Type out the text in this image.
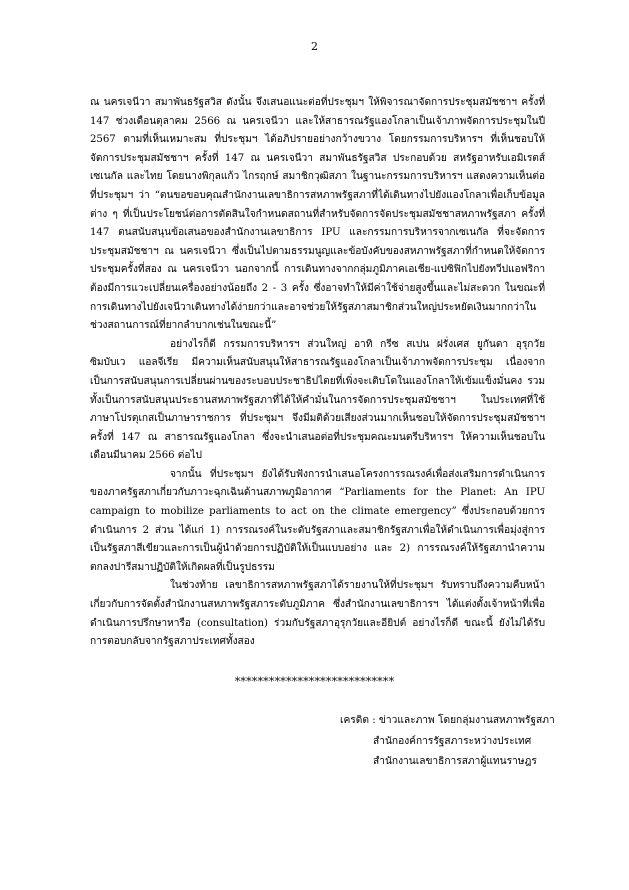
2

ณ นครเจนีวา สมาพันธรัฐสวิส ดังนั้น จึงเสนอแนะต่อที่ประชุมฯ ให้พิจารณาจัดการประชุมสมัชชาฯ ครั้งที่ 147 ช่วงเดือนตุลาคม 2566 ณ นครเจนีวา และให้สาธารณรัฐแองโกลาเป็นเจ้าภาพจัดการประชุมในปี 2567 ตามที่เห็นเหมาะสม ที่ประชุมฯ ได้อภิปรายอย่างกว้างขวาง โดยกรรมการบริหารฯ ที่เห็นชอบให้จัดการประชุมสมัชชาฯ ครั้งที่ 147 ณ นครเจนีวา สมาพันธรัฐสวิส ประกอบด้วย สหรัฐอาหรับเอมิเรตส์ เซเนกัล และไทย โดยนางพิกุลแก้ว ไกรฤกษ์ สมาชิกวุฒิสภา ในฐานะกรรมการบริหารฯ แสดงความเห็นต่อที่ประชุมฯ ว่า “ตนขอขอบคุณสำนักงานเลขาธิการสหภาพรัฐสภาที่ได้เดินทางไปยังแองโกลาเพื่อเก็บข้อมูลต่าง ๆ ที่เป็นประโยชน์ต่อการตัดสินใจกำหนดสถานที่สำหรับจัดการจัดประชุมสมัชชาสหภาพรัฐสภา ครั้งที่ 147 ตนสนับสนุนข้อเสนอของสำนักงานเลขาธิการ IPU และกรรมการบริหารจากเซเนกัล ที่จะจัดการประชุมสมัชชาฯ ณ นครเจนีวา ซึ่งเป็นไปตามธรรมนูญและข้อบังคับของสหภาพรัฐสภาที่กำหนดให้จัดการประชุมครั้งที่สอง ณ นครเจนีวา นอกจากนี้ การเดินทางจากกลุ่มภูมิภาคเอเชีย-แปซิฟิกไปยังทวีปแอฟริกาต้องมีการแวะเปลี่ยนเครื่องอย่างน้อยถึง 2 - 3 ครั้ง ซึ่งอาจทำให้มีค่าใช้จ่ายสูงขึ้นและไม่สะดวก ในขณะที่การเดินทางไปยังเจนีวาเดินทางได้ง่ายกว่าและอาจช่วยให้รัฐสภาสมาชิกส่วนใหญ่ประหยัดเงินมากกว่าในช่วงสถานการณ์ที่ยากลำบากเช่นในขณะนี้”

อย่างไรก็ดี กรรมการบริหารฯ ส่วนใหญ่ อาทิ กรีซ สเปน ฝรั่งเศส ยูกันดา อุรุกวัย ซิมบับเว แอลจีเรีย มีความเห็นสนับสนุนให้สาธารณรัฐแองโกลาเป็นเจ้าภาพจัดการประชุม เนื่องจากเป็นการสนับสนุนการเปลี่ยนผ่านของระบอบประชาธิปไตยที่เพิ่งจะเติบโตในแองโกลาให้เข้มแข็งมั่นคง รวมทั้งเป็นการสนับสนุนประธานสหภาพรัฐสภาที่ได้ให้คำมั่นในการจัดการประชุมสมัชชาฯ ในประเทศที่ใช้ภาษาโปรตุเกสเป็นภาษาราชการ ที่ประชุมฯ จึงมีมติด้วยเสียงส่วนมากเห็นชอบให้จัดการประชุมสมัชชาฯ ครั้งที่ 147 ณ สาธารณรัฐแองโกลา ซึ่งจะนำเสนอต่อที่ประชุมคณะมนตรีบริหารฯ ให้ความเห็นชอบในเดือนมีนาคม 2566 ต่อไป

จากนั้น ที่ประชุมฯ ยังได้รับฟังการนำเสนอโครงการรณรงค์เพื่อส่งเสริมการดำเนินการของภาครัฐสภาเกี่ยวกับภาวะฉุกเฉินด้านสภาพภูมิอากาศ “Parliaments for the Planet: An IPU campaign to mobilize parliaments to act on the climate emergency” ซึ่งประกอบด้วยการดำเนินการ 2 ส่วน ได้แก่ 1) การรณรงค์ในระดับรัฐสภาและสมาชิกรัฐสภาเพื่อให้ดำเนินการเพื่อมุ่งสู่การเป็นรัฐสภาสีเขียวและการเป็นผู้นำด้วยการปฏิบัติให้เป็นแบบอย่าง และ 2) การรณรงค์ให้รัฐสภานำความตกลงปารีสมาปฏิบัติให้เกิดผลที่เป็นรูปธรรม

ในช่วงท้าย เลขาธิการสหภาพรัฐสภาได้รายงานให้ที่ประชุมฯ รับทราบถึงความคืบหน้าเกี่ยวกับการจัดตั้งสำนักงานสหภาพรัฐสภาระดับภูมิภาค ซึ่งสำนักงานเลขาธิการฯ ได้แต่งตั้งเจ้าหน้าที่เพื่อดำเนินการปรึกษาหารือ (consultation) ร่วมกับรัฐสภาอุรุกวัยและอียิปต์ อย่างไรก็ดี ขณะนี้ ยังไม่ได้รับการตอบกลับจากรัฐสภาประเทศทั้งสอง

****************************
เครดิต : ข่าวและภาพ โดยกลุ่มงานสหภาพรัฐสภา
สำนักองค์การรัฐสภาระหว่างประเทศ
สำนักงานเลขาธิการสภาผู้แทนราษฎร
